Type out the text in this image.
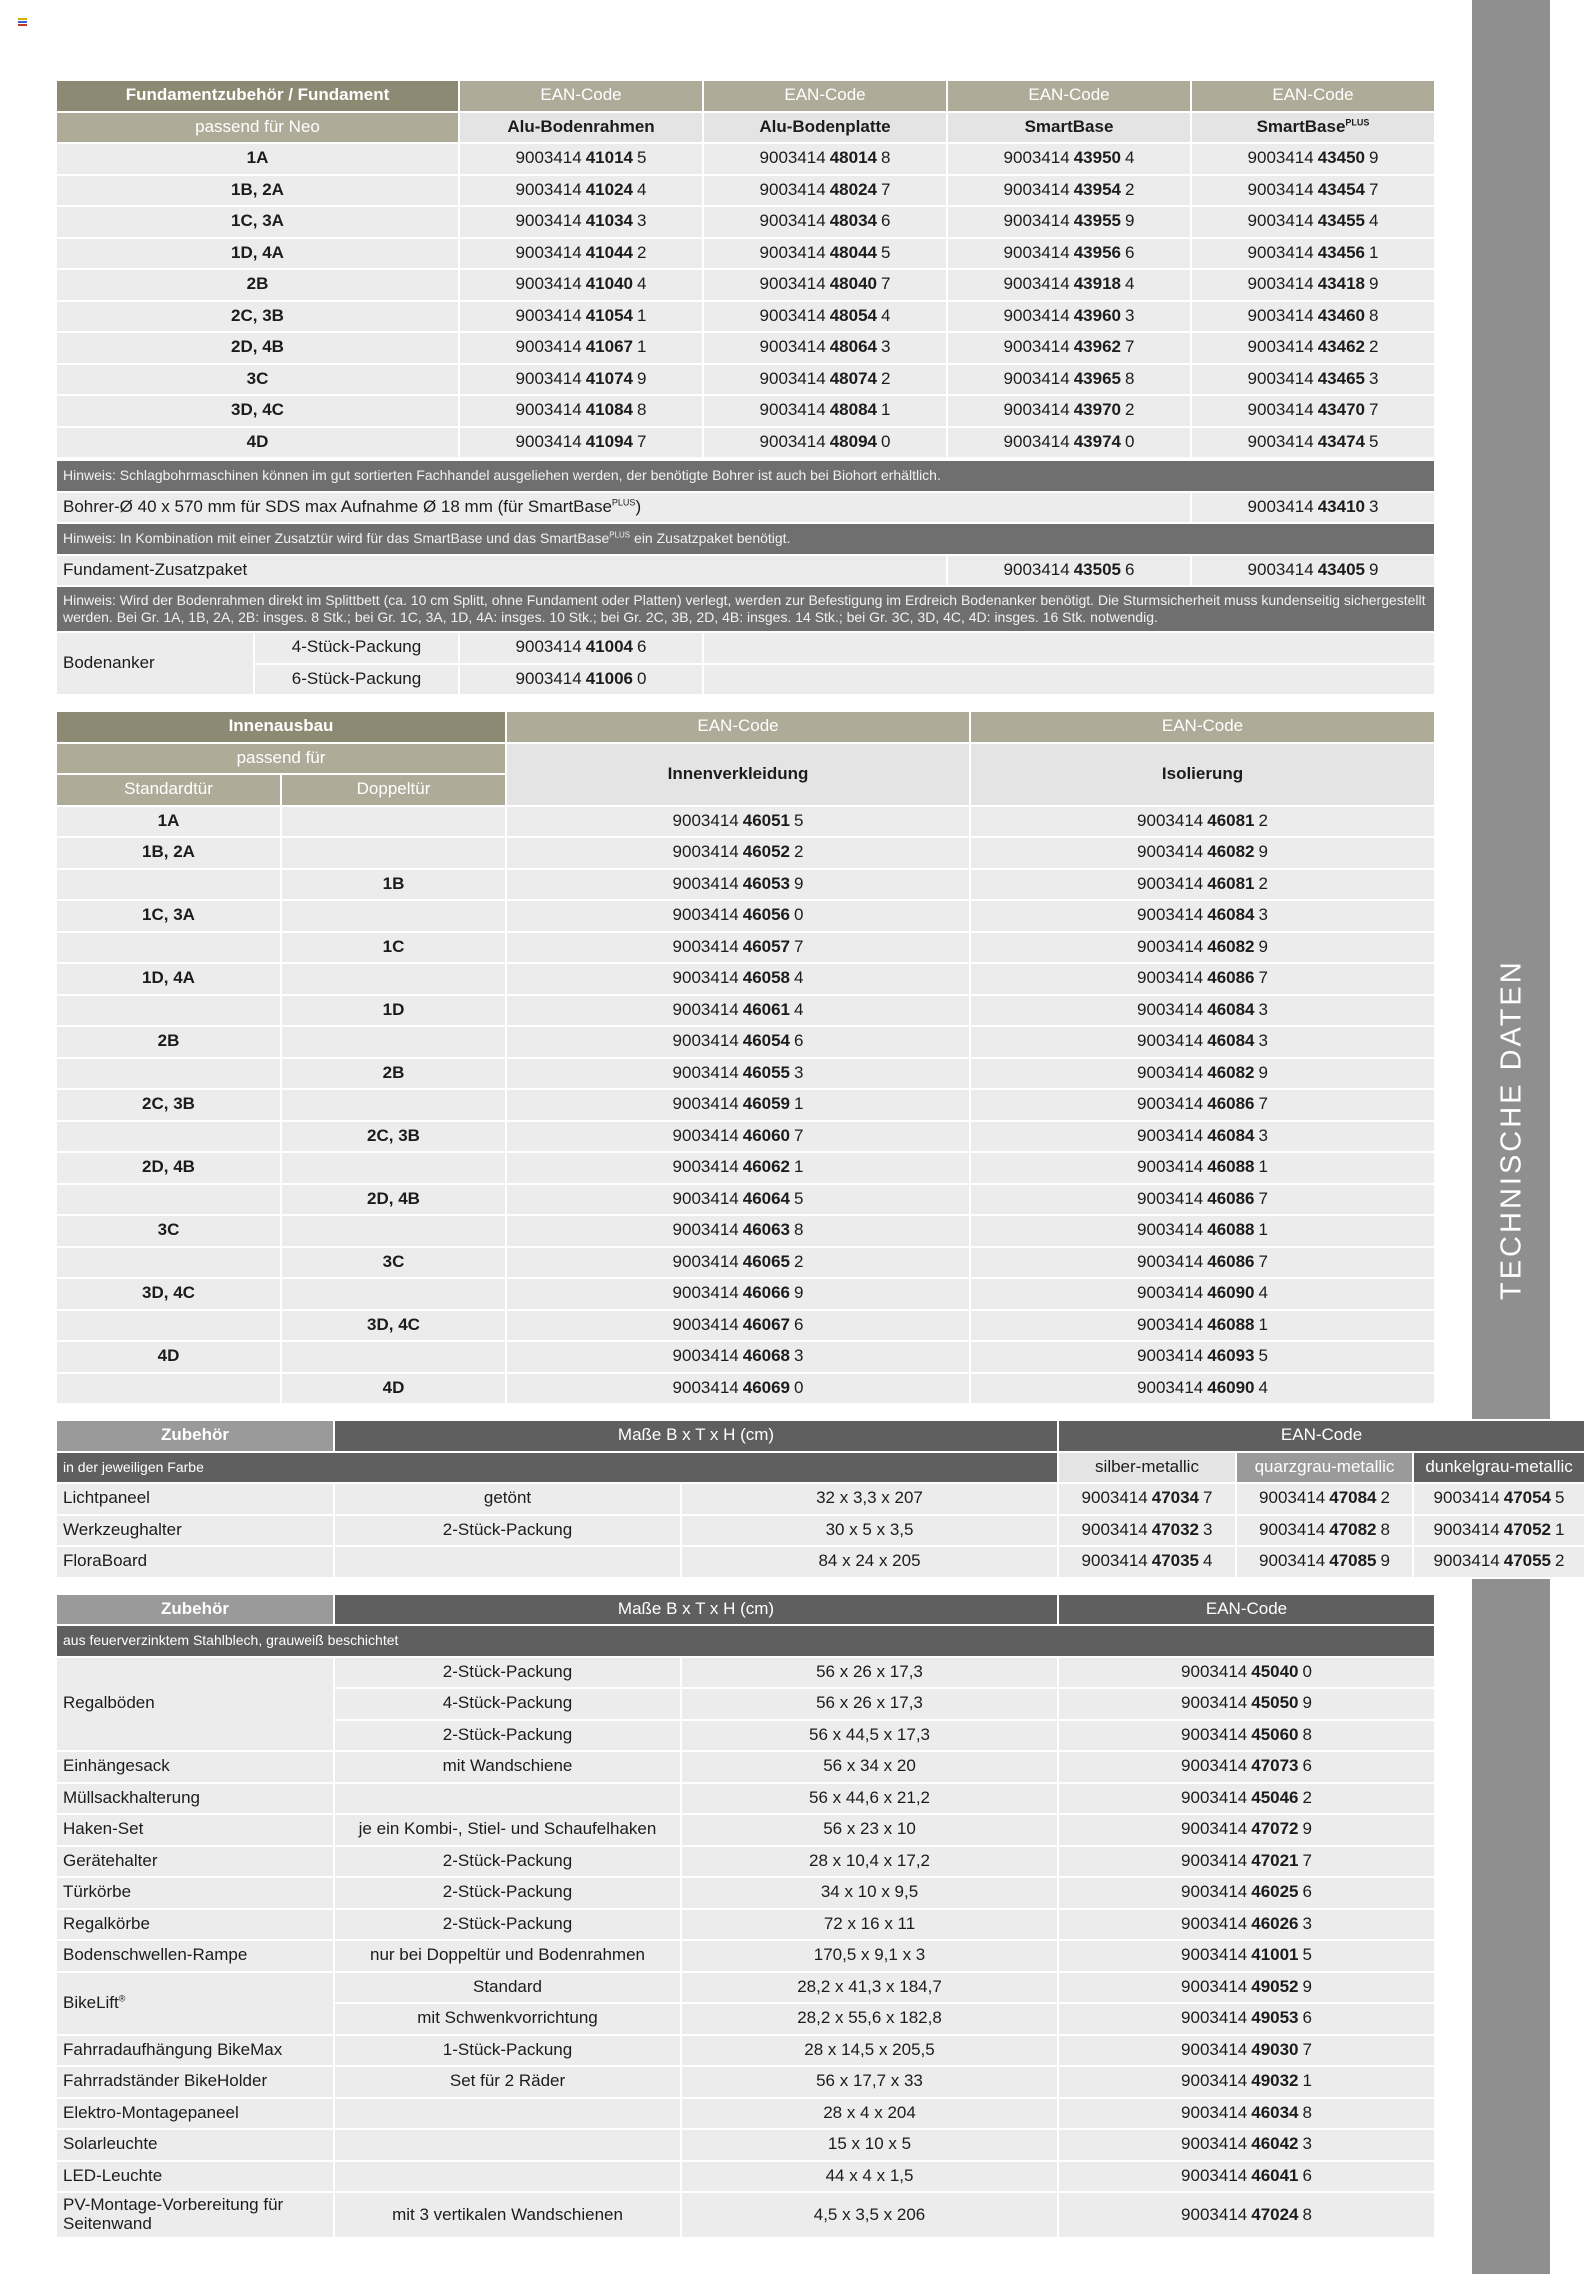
TECHNISCHE DATEN
Fundamentzubehör / Fundament	EAN-Code	EAN-Code	EAN-Code	EAN-Code
passend für Neo	Alu-Bodenrahmen	Alu-Bodenplatte	SmartBase	SmartBase$^{PLUS}$
1A	9003414 41014 5	9003414 48014 8	9003414 43950 4	9003414 43450 9
1B, 2A	9003414 41024 4	9003414 48024 7	9003414 43954 2	9003414 43454 7
1C, 3A	9003414 41034 3	9003414 48034 6	9003414 43955 9	9003414 43455 4
1D, 4A	9003414 41044 2	9003414 48044 5	9003414 43956 6	9003414 43456 1
2B	9003414 41040 4	9003414 48040 7	9003414 43918 4	9003414 43418 9
2C, 3B	9003414 41054 1	9003414 48054 4	9003414 43960 3	9003414 43460 8
2D, 4B	9003414 41067 1	9003414 48064 3	9003414 43962 7	9003414 43462 2
3C	9003414 41074 9	9003414 48074 2	9003414 43965 8	9003414 43465 3
3D, 4C	9003414 41084 8	9003414 48084 1	9003414 43970 2	9003414 43470 7
4D	9003414 41094 7	9003414 48094 0	9003414 43974 0	9003414 43474 5
Hinweis: Schlagbohrmaschinen können im gut sortierten Fachhandel ausgeliehen werden, der benötigte Bohrer ist auch bei Biohort erhältlich.					
Bohrer-Ø 40 x 570 mm für SDS max Aufnahme Ø 18 mm (für SmartBase$^{PLUS}$)					9003414 43410 3
Hinweis: In Kombination mit einer Zusatztür wird für das SmartBase und das SmartBase$^{PLUS}$ ein Zusatzpaket benötigt.					
Fundament-Zusatzpaket				9003414 43505 6	9003414 43405 9
Hinweis: Wird der Bodenrahmen direkt im Splittbett (ca. 10 cm Splitt, ohne Fundament oder Platten) verlegt, werden zur Befestigung im Erdreich Bodenanker benötigt. Die Sturmsicherheit muss kundenseitig sichergestellt werden. Bei Gr. 1A, 1B, 2A, 2B: insges. 8 Stk.; bei Gr. 1C, 3A, 1D, 4A: insges. 10 Stk.; bei Gr. 2C, 3B, 2D, 4B: insges. 14 Stk.; bei Gr. 3C, 3D, 4C, 4D: insges. 16 Stk. notwendig.					
Bodenanker	4-Stück-Packung	9003414 41004 6			
	6-Stück-Packung	9003414 41006 0			
Innenausbau		EAN-Code	EAN-Code
passend für		Innenverkleidung	Isolierung
Standardtür	Doppeltür		
1A		9003414 46051 5	9003414 46081 2
1B, 2A		9003414 46052 2	9003414 46082 9
	1B	9003414 46053 9	9003414 46081 2
1C, 3A		9003414 46056 0	9003414 46084 3
	1C	9003414 46057 7	9003414 46082 9
1D, 4A		9003414 46058 4	9003414 46086 7
	1D	9003414 46061 4	9003414 46084 3
2B		9003414 46054 6	9003414 46084 3
	2B	9003414 46055 3	9003414 46082 9
2C, 3B		9003414 46059 1	9003414 46086 7
	2C, 3B	9003414 46060 7	9003414 46084 3
2D, 4B		9003414 46062 1	9003414 46088 1
	2D, 4B	9003414 46064 5	9003414 46086 7
3C		9003414 46063 8	9003414 46088 1
	3C	9003414 46065 2	9003414 46086 7
3D, 4C		9003414 46066 9	9003414 46090 4
	3D, 4C	9003414 46067 6	9003414 46088 1
4D		9003414 46068 3	9003414 46093 5
	4D	9003414 46069 0	9003414 46090 4
Zubehör	Maße B x T x H (cm)		EAN-Code		
in der jeweiligen Farbe			silber-metallic	quarzgrau-metallic	dunkelgrau-metallic
Lichtpaneel	getönt	32 x 3,3 x 207	9003414 47034 7	9003414 47084 2	9003414 47054 5
Werkzeughalter	2-Stück-Packung	30 x 5 x 3,5	9003414 47032 3	9003414 47082 8	9003414 47052 1
FloraBoard		84 x 24 x 205	9003414 47035 4	9003414 47085 9	9003414 47055 2
Zubehör	Maße B x T x H (cm)		EAN-Code
aus feuerverzinktem Stahlblech, grauweiß beschichtet			
Regalböden	2-Stück-Packung	56 x 26 x 17,3	9003414 45040 0
	4-Stück-Packung	56 x 26 x 17,3	9003414 45050 9
	2-Stück-Packung	56 x 44,5 x 17,3	9003414 45060 8
Einhängesack	mit Wandschiene	56 x 34 x 20	9003414 47073 6
Müllsackhalterung		56 x 44,6 x 21,2	9003414 45046 2
Haken-Set	je ein Kombi-, Stiel- und Schaufelhaken	56 x 23 x 10	9003414 47072 9
Gerätehalter	2-Stück-Packung	28 x 10,4 x 17,2	9003414 47021 7
Türkörbe	2-Stück-Packung	34 x 10 x 9,5	9003414 46025 6
Regalkörbe	2-Stück-Packung	72 x 16 x 11	9003414 46026 3
Bodenschwellen-Rampe	nur bei Doppeltür und Bodenrahmen	170,5 x 9,1 x 3	9003414 41001 5
BikeLift®	Standard	28,2 x 41,3 x 184,7	9003414 49052 9
	mit Schwenkvorrichtung	28,2 x 55,6 x 182,8	9003414 49053 6
Fahrradaufhängung BikeMax	1-Stück-Packung	28 x 14,5 x 205,5	9003414 49030 7
Fahrradständer BikeHolder	Set für 2 Räder	56 x 17,7 x 33	9003414 49032 1
Elektro-Montagepaneel		28 x 4 x 204	9003414 46034 8
Solarleuchte		15 x 10 x 5	9003414 46042 3
LED-Leuchte		44 x 4 x 1,5	9003414 46041 6
PV-Montage-Vorbereitung für Seitenwand	mit 3 vertikalen Wandschienen	4,5 x 3,5 x 206	9003414 47024 8
